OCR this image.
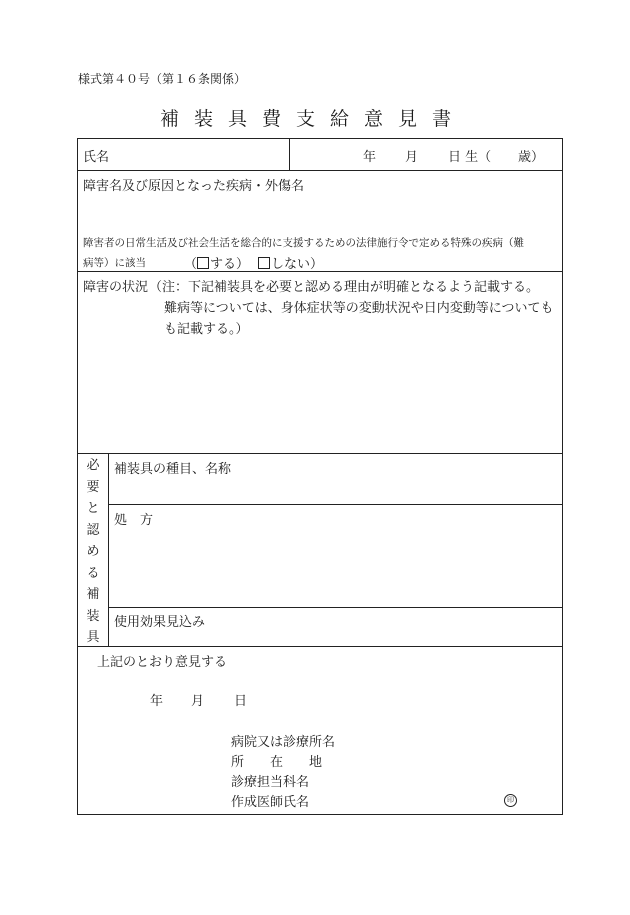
様式第４０号（第１６条関係）
補装具費支給意見書
氏名	年 月 日 生（ 歳）
障害名及び原因となった疾病・外傷名
障害者の日常生活及び社会生活を総合的に支援するための法律施行令で定める特殊の疾病（難
病等）に該当	（ する）	しない）
障害の状況 （注：下記補装具を必要と認める理由が明確となるよう記載する。
難病等については、身体症状等の変動状況や日内変動等についても
も記載する。）
必
要
と
認
め
る
補
装
具
補装具の種目、名称
処　方
使用効果見込み
上記のとおり意見する
年 月 日
病院又は診療所名
所　　在　　地
診療担当科名
作成医師氏名	印
